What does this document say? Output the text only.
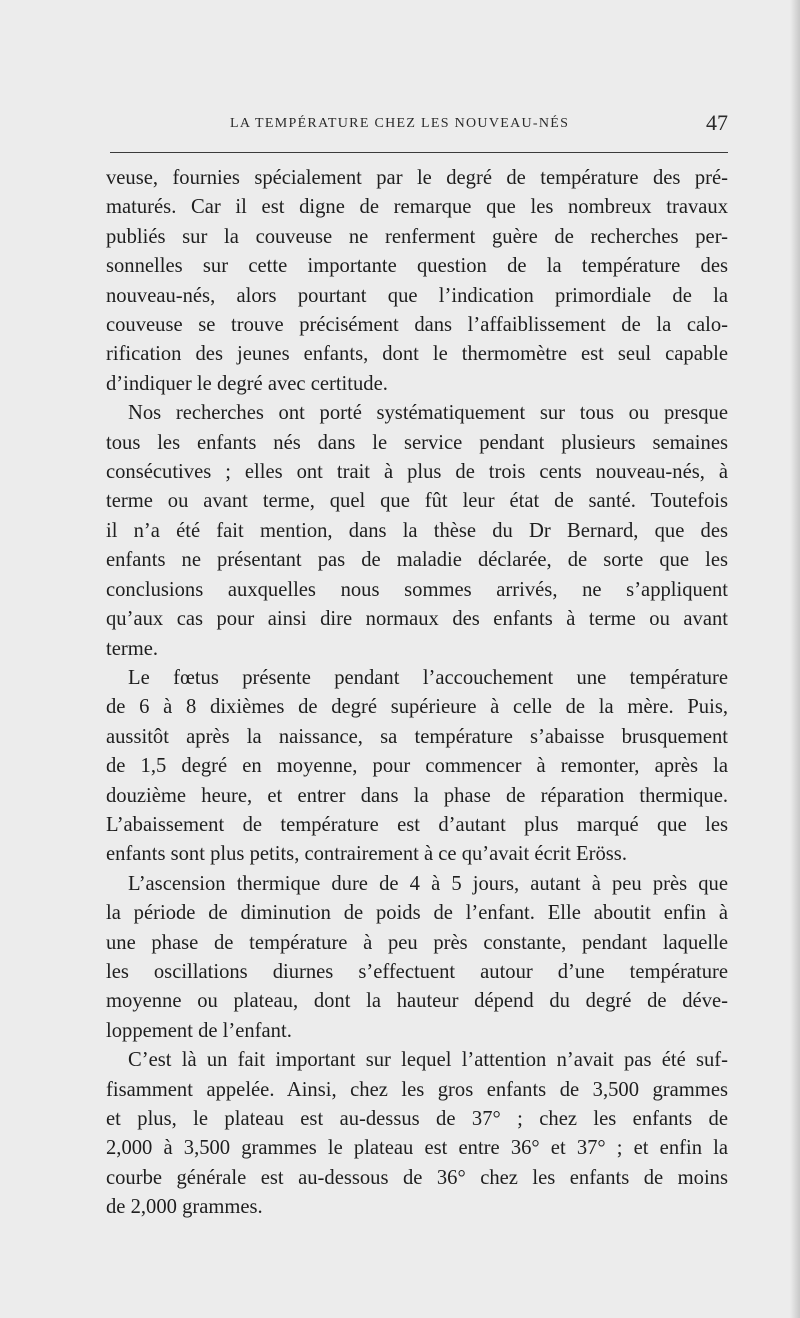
LA TEMPÉRATURE CHEZ LES NOUVEAU-NÉS	47
veuse, fournies spécialement par le degré de température des pré-
maturés. Car il est digne de remarque que les nombreux travaux
publiés sur la couveuse ne renferment guère de recherches per-
sonnelles sur cette importante question de la température des
nouveau-nés, alors pourtant que l’indication primordiale de la
couveuse se trouve précisément dans l’affaiblissement de la calo-
rification des jeunes enfants, dont le thermomètre est seul capable
d’indiquer le degré avec certitude.
Nos recherches ont porté systématiquement sur tous ou presque
tous les enfants nés dans le service pendant plusieurs semaines
consécutives ; elles ont trait à plus de trois cents nouveau-nés, à
terme ou avant terme, quel que fût leur état de santé. Toutefois
il n’a été fait mention, dans la thèse du Dr Bernard, que des
enfants ne présentant pas de maladie déclarée, de sorte que les
conclusions auxquelles nous sommes arrivés, ne s’appliquent
qu’aux cas pour ainsi dire normaux des enfants à terme ou avant
terme.
Le fœtus présente pendant l’accouchement une température
de 6 à 8 dixièmes de degré supérieure à celle de la mère. Puis,
aussitôt après la naissance, sa température s’abaisse brusquement
de 1,5 degré en moyenne, pour commencer à remonter, après la
douzième heure, et entrer dans la phase de réparation thermique.
L’abaissement de température est d’autant plus marqué que les
enfants sont plus petits, contrairement à ce qu’avait écrit Eröss.
L’ascension thermique dure de 4 à 5 jours, autant à peu près que
la période de diminution de poids de l’enfant. Elle aboutit enfin à
une phase de température à peu près constante, pendant laquelle
les oscillations diurnes s’effectuent autour d’une température
moyenne ou plateau, dont la hauteur dépend du degré de déve-
loppement de l’enfant.
C’est là un fait important sur lequel l’attention n’avait pas été suf-
fisamment appelée. Ainsi, chez les gros enfants de 3,500 grammes
et plus, le plateau est au-dessus de 37° ; chez les enfants de
2,000 à 3,500 grammes le plateau est entre 36° et 37° ; et enfin la
courbe générale est au-dessous de 36° chez les enfants de moins
de 2,000 grammes.
